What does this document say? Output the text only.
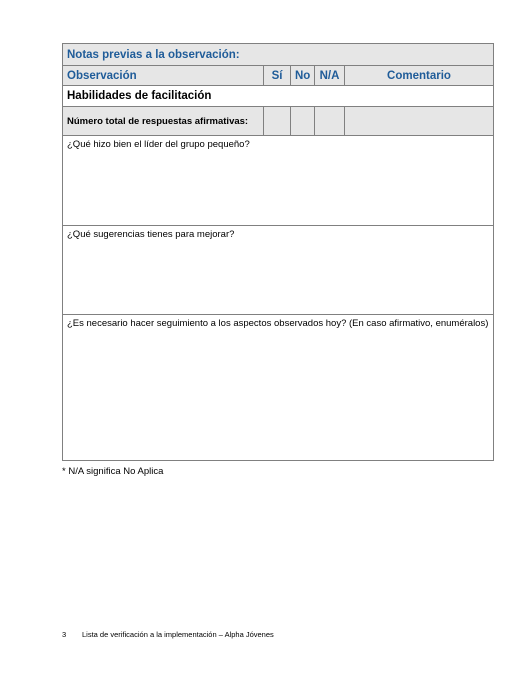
Notas previas a la observación:				
Observación	Sí	No	N/A	Comentario
Habilidades de facilitación				
Número total de respuestas afirmativas:				
¿Qué hizo bien el líder del grupo pequeño?				
¿Qué sugerencias tienes para mejorar?				
¿Es necesario hacer seguimiento a los aspectos observados hoy? (En caso afirmativo, enuméralos)				
* N/A significa No Aplica
3 Lista de verificación a la implementación – Alpha Jóvenes
